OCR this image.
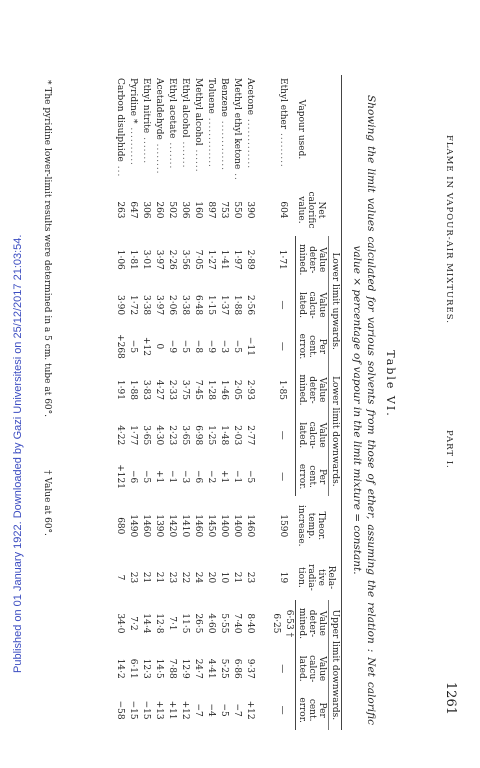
Published on 01 January 1922. Downloaded by Gazi Universitesi on 25/12/2017 21:03:54.
FLAME IN VAPOUR-AIR MIXTURES.
PART I.
1261
Table VI.
Showing the limit values calculated for various solvents from those of ether, assuming the relation : Net calorific value × percentage of vapour in the limit mixture = constant.
Vapour used.	Net calorific value.	Lower limit upwards.			Lower limit downwards.			Theor. temp. increase.	Rela-tive radia-tion.	Upper limit downwards.		
		Value deter-mined.	Value calcu-lated.	Per cent. error.	Value deter-mined.	Value calcu-lated.	Per cent. error.			Value deter-mined.	Value calcu-lated.	Per cent. error.
Ethyl ether .........	604	1·71	—	—	1·85	—	—	1590	19	6·53 † 6·25	—	—

Acetone .............	390	2·89	2·56	−11	2·93	2·77	−5	1460	23	8·40	9·37	+12
Methyl ethyl ketone ..	550	1·97	1·88	−5	2·05	2·03	−1	1400	21	7·40	6·86	−7
Benzene .............	753	1·41	1·37	−3	1·46	1·48	+1	1400	10	5·55	5·25	−5
Toluene .............	897	1·27	1·15	−9	1·28	1·25	−2	1450	20	4·60	4·41	−4
Methyl alcohol ......	160	7·05	6·48	−8	7·45	6·98	−6	1460	24	26·5	24·7	−7
Ethyl alcohol .......	306	3·56	3·38	−5	3·75	3·65	−3	1410	22	11·5	12·9	+12
Ethyl acetate .......	502	2·26	2·06	−9	2·33	2·23	−1	1420	23	7·1	7·88	+11
Acetaldehyde ........	260	3·97	3·97	0	4·27	4·30	+1	1390	21	12·8	14·5	+13
Ethyl nitrite .......	306	3·01	3·38	+12	3·83	3·65	−5	1460	21	14·4	12·3	−15
Pyridine * ..........	647	1·81	1·72	−5	1·88	1·77	−6	1490	23	7·2	6·11	−15
Carbon disulphide ...	263	1·06	3·90	+268	1·91	4·22	+121	680	7	34·0	14·2	−58
* The pyridine lower-limit results were determined in a 5 cm. tube at 60°.
† Value at 60°.
